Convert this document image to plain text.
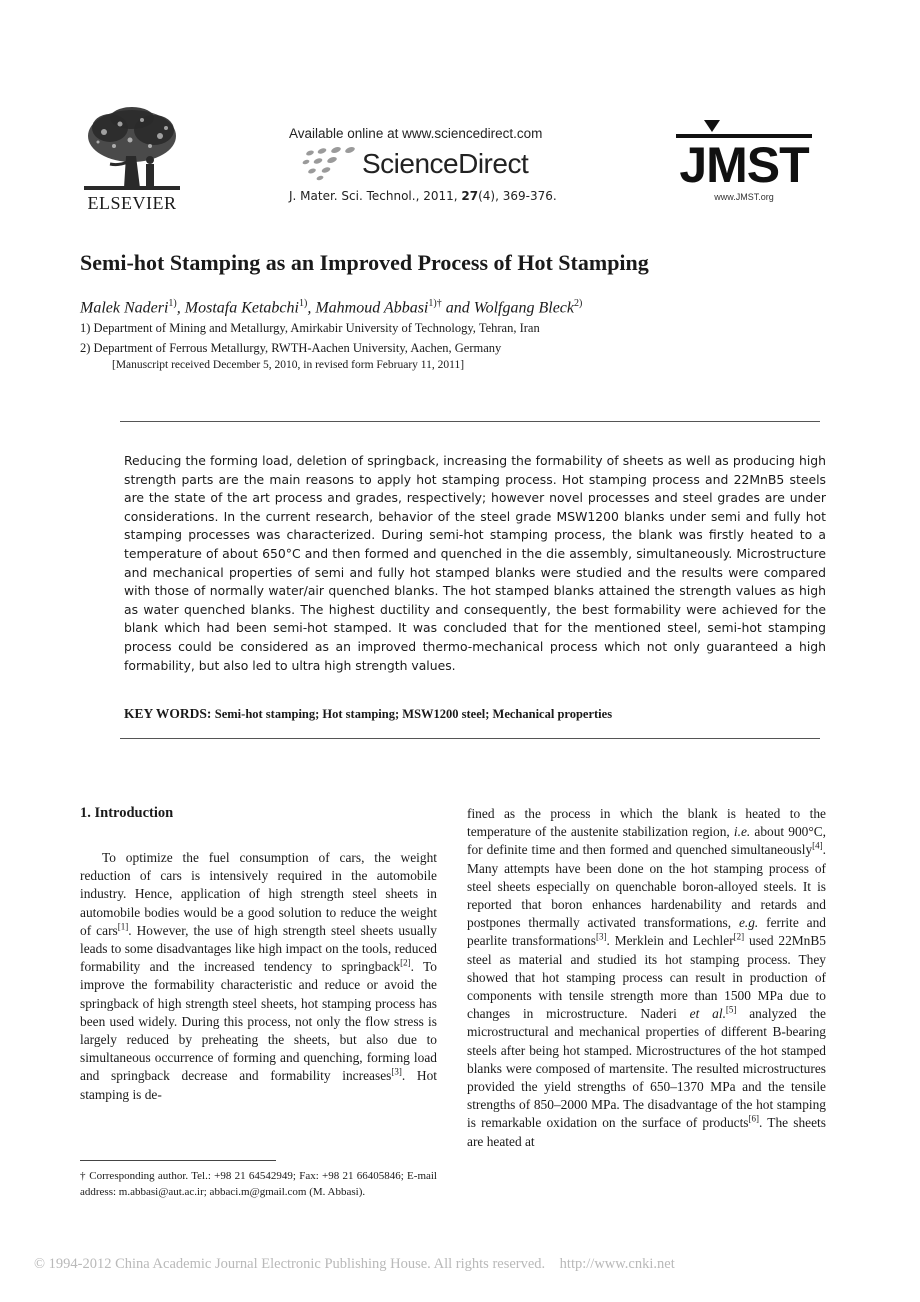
ELSEVIER
Available online at www.sciencedirect.com
ScienceDirect
J. Mater. Sci. Technol., 2011, 27(4), 369-376.
JMST
www.JMST.org
Semi-hot Stamping as an Improved Process of Hot Stamping
Malek Naderi$^{1)}$, Mostafa Ketabchi$^{1)}$, Mahmoud Abbasi$^{1)\dagger}$ and Wolfgang Bleck$^{2)}$
1) Department of Mining and Metallurgy, Amirkabir University of Technology, Tehran, Iran
2) Department of Ferrous Metallurgy, RWTH-Aachen University, Aachen, Germany
[Manuscript received December 5, 2010, in revised form February 11, 2011]
Reducing the forming load, deletion of springback, increasing the formability of sheets as well as producing high strength parts are the main reasons to apply hot stamping process. Hot stamping process and 22MnB5 steels are the state of the art process and grades, respectively; however novel processes and steel grades are under considerations. In the current research, behavior of the steel grade MSW1200 blanks under semi and fully hot stamping processes was characterized. During semi-hot stamping process, the blank was firstly heated to a temperature of about 650°C and then formed and quenched in the die assembly, simultaneously. Microstructure and mechanical properties of semi and fully hot stamped blanks were studied and the results were compared with those of normally water/air quenched blanks. The hot stamped blanks attained the strength values as high as water quenched blanks. The highest ductility and consequently, the best formability were achieved for the blank which had been semi-hot stamped. It was concluded that for the mentioned steel, semi-hot stamping process could be considered as an improved thermo-mechanical process which not only guaranteed a high formability, but also led to ultra high strength values.
KEY WORDS: Semi-hot stamping; Hot stamping; MSW1200 steel; Mechanical properties
1. Introduction
To optimize the fuel consumption of cars, the weight reduction of cars is intensively required in the automobile industry. Hence, application of high strength steel sheets in automobile bodies would be a good solution to reduce the weight of cars[1]. However, the use of high strength steel sheets usually leads to some disadvantages like high impact on the tools, reduced formability and the increased tendency to springback[2]. To improve the formability characteristic and reduce or avoid the springback of high strength steel sheets, hot stamping process has been used widely. During this process, not only the flow stress is largely reduced by preheating the sheets, but also due to simultaneous occurrence of forming and quenching, forming load and springback decrease and formability increases[3]. Hot stamping is de-
fined as the process in which the blank is heated to the temperature of the austenite stabilization region, i.e. about 900°C, for definite time and then formed and quenched simultaneously[4]. Many attempts have been done on the hot stamping process of steel sheets especially on quenchable boron-alloyed steels. It is reported that boron enhances hardenability and retards and postpones thermally activated transformations, e.g. ferrite and pearlite transformations[3]. Merklein and Lechler[2] used 22MnB5 steel as material and studied its hot stamping process. They showed that hot stamping process can result in production of components with tensile strength more than 1500 MPa due to changes in microstructure. Naderi et al.[5] analyzed the microstructural and mechanical properties of different B-bearing steels after being hot stamped. Microstructures of the hot stamped blanks were composed of martensite. The resulted microstructures provided the yield strengths of 650–1370 MPa and the tensile strengths of 850–2000 MPa. The disadvantage of the hot stamping is remarkable oxidation on the surface of products[6]. The sheets are heated at
† Corresponding author. Tel.: +98 21 64542949; Fax: +98 21 66405846; E-mail address: m.abbasi@aut.ac.ir; abbaci.m@gmail.com (M. Abbasi).
© 1994-2012 China Academic Journal Electronic Publishing House. All rights reserved.    http://www.cnki.net
